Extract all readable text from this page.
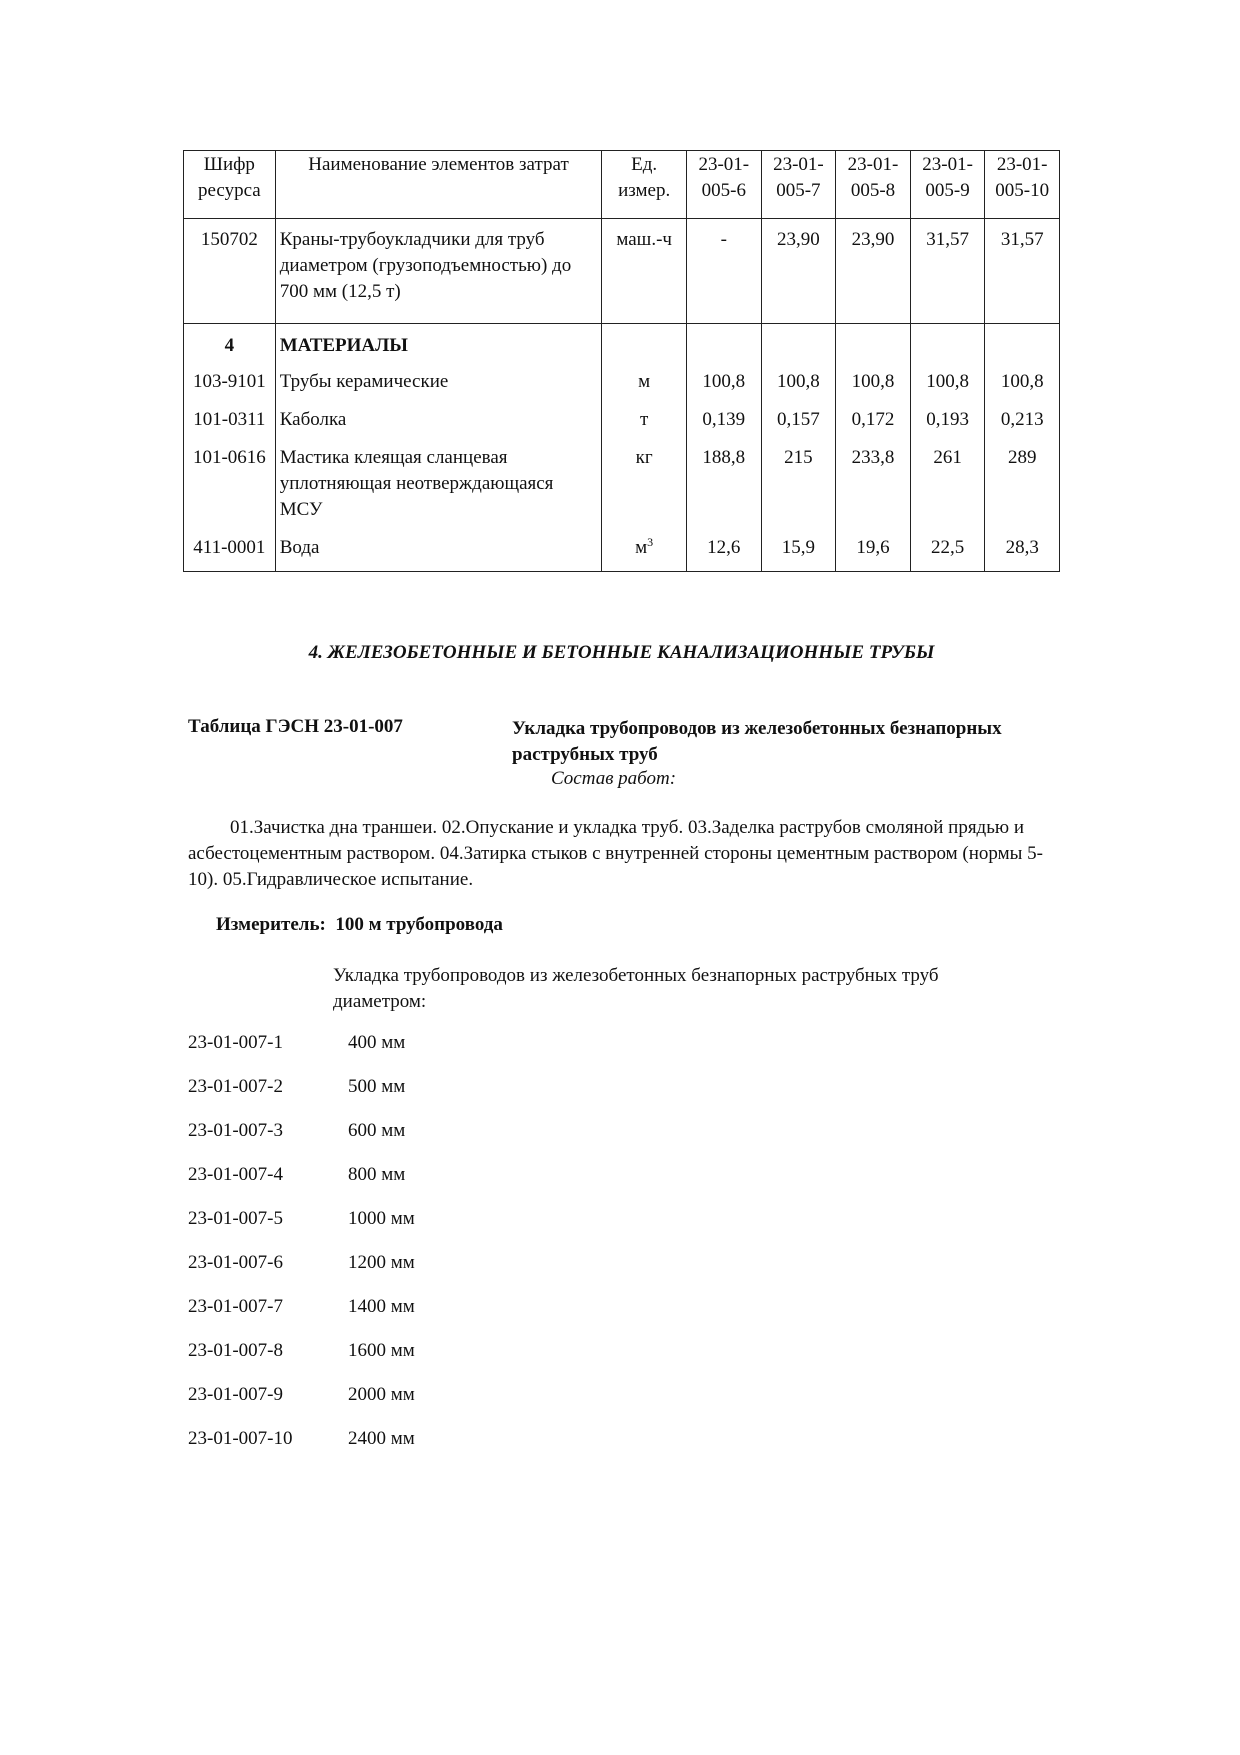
Шифр ресурса	Наименование элементов затрат	Ед. измер.	23-01-005-6	23-01-005-7	23-01-005-8	23-01-005-9	23-01-005-10
150702	Краны-трубоукладчики для труб диаметром (грузоподъемностью) до 700 мм (12,5 т)	маш.-ч	-	23,90	23,90	31,57	31,57
4	МАТЕРИАЛЫ						
103-9101	Трубы керамические	м	100,8	100,8	100,8	100,8	100,8
101-0311	Каболка	т	0,139	0,157	0,172	0,193	0,213
101-0616	Мастика клеящая сланцевая уплотняющая неотверждающаяся МСУ	кг	188,8	215	233,8	261	289
411-0001	Вода	$м^3$	12,6	15,9	19,6	22,5	28,3
4. ЖЕЛЕЗОБЕТОННЫЕ И БЕТОННЫЕ КАНАЛИЗАЦИОННЫЕ ТРУБЫ
Таблица ГЭСН 23-01-007	Укладка трубопроводов из железобетонных безнапорных раструбных труб
Состав работ:
01.Зачистка дна траншеи. 02.Опускание и укладка труб. 03.Заделка раструбов смоляной прядью и асбестоцементным раствором. 04.Затирка стыков с внутренней стороны цементным раствором (нормы 5-10). 05.Гидравлическое испытание.
Измеритель: 100 м трубопровода
Укладка трубопроводов из железобетонных безнапорных раструбных труб диаметром:
23-01-007-1	400 мм
23-01-007-2	500 мм
23-01-007-3	600 мм
23-01-007-4	800 мм
23-01-007-5	1000 мм
23-01-007-6	1200 мм
23-01-007-7	1400 мм
23-01-007-8	1600 мм
23-01-007-9	2000 мм
23-01-007-10	2400 мм
